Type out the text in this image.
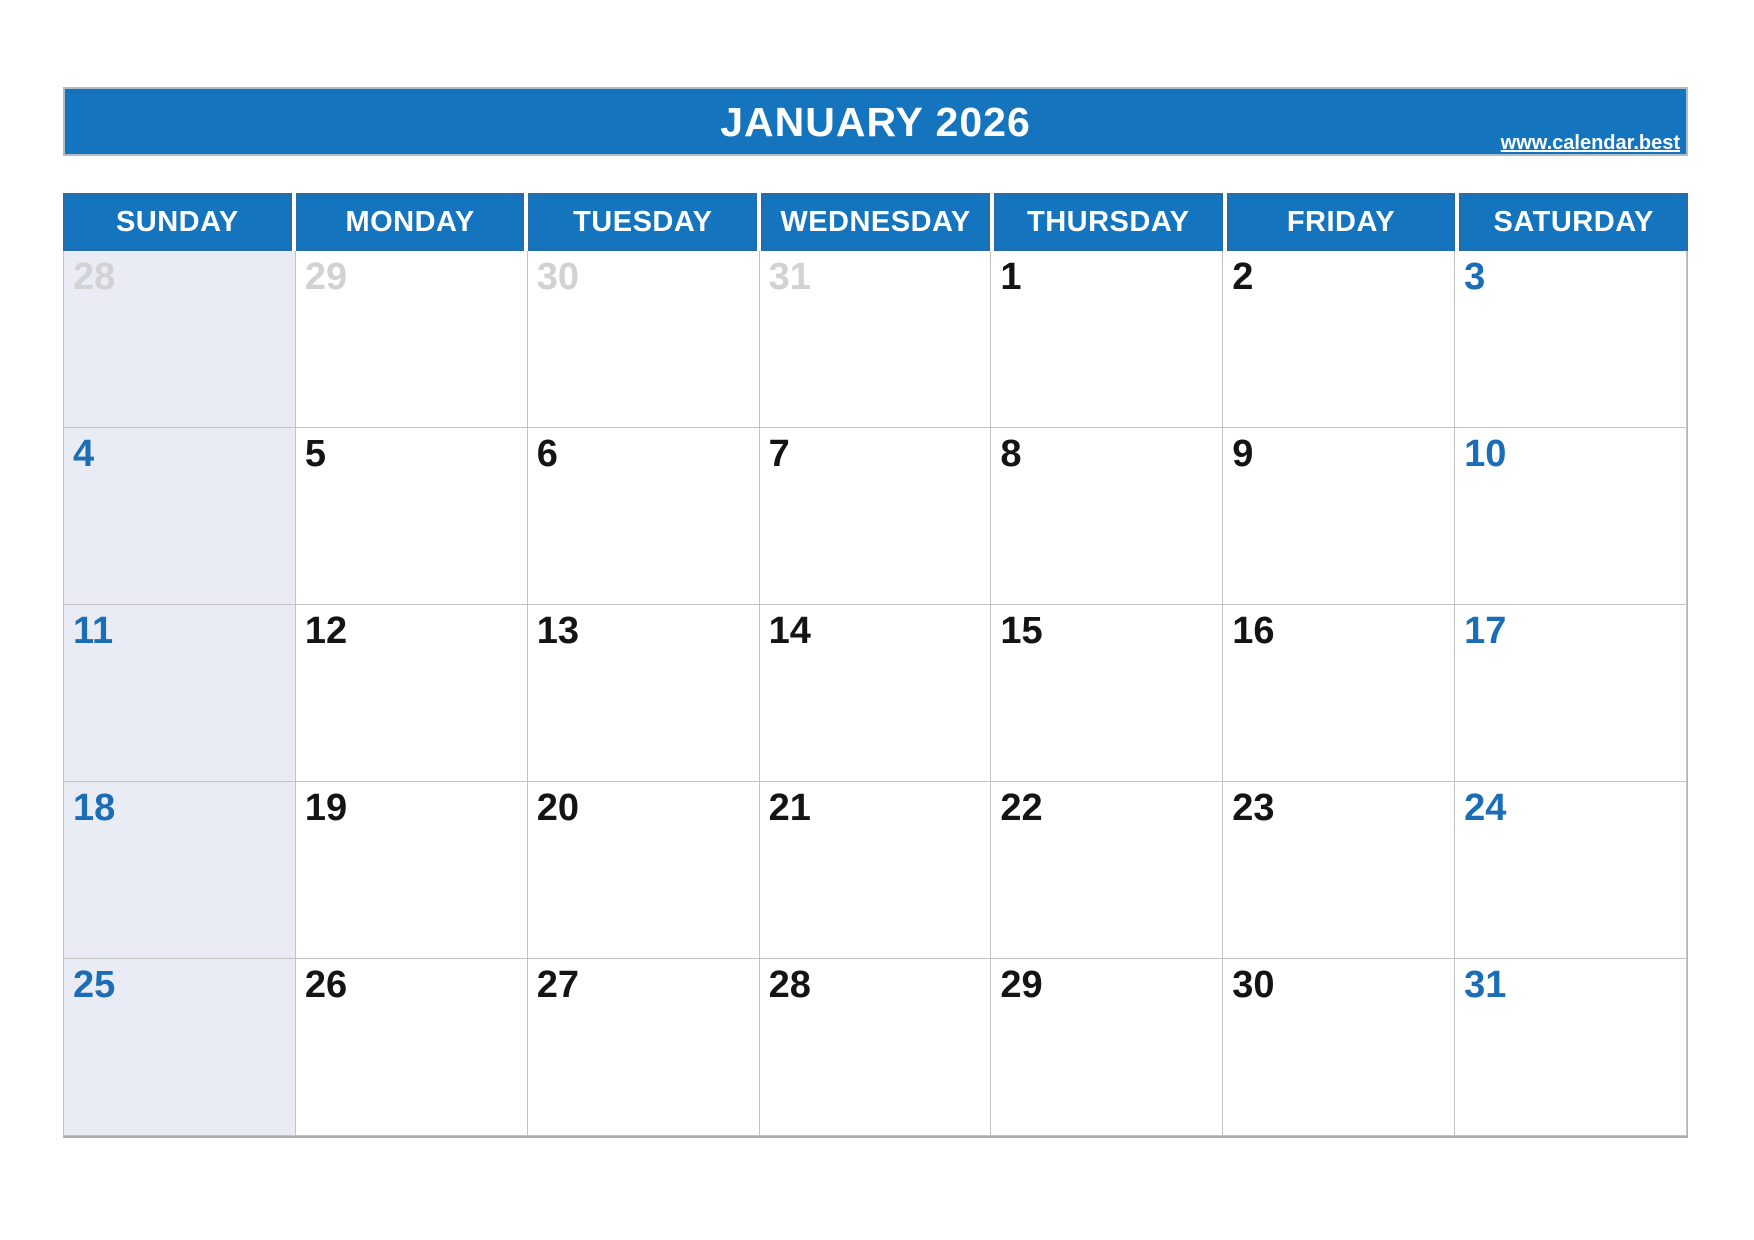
JANUARY 2026	www.calendar.best
SUNDAY	MONDAY	TUESDAY	WEDNESDAY	THURSDAY	FRIDAY	SATURDAY
28	29	30	31	1	2	3
4	5	6	7	8	9	10
11	12	13	14	15	16	17
18	19	20	21	22	23	24
25	26	27	28	29	30	31
